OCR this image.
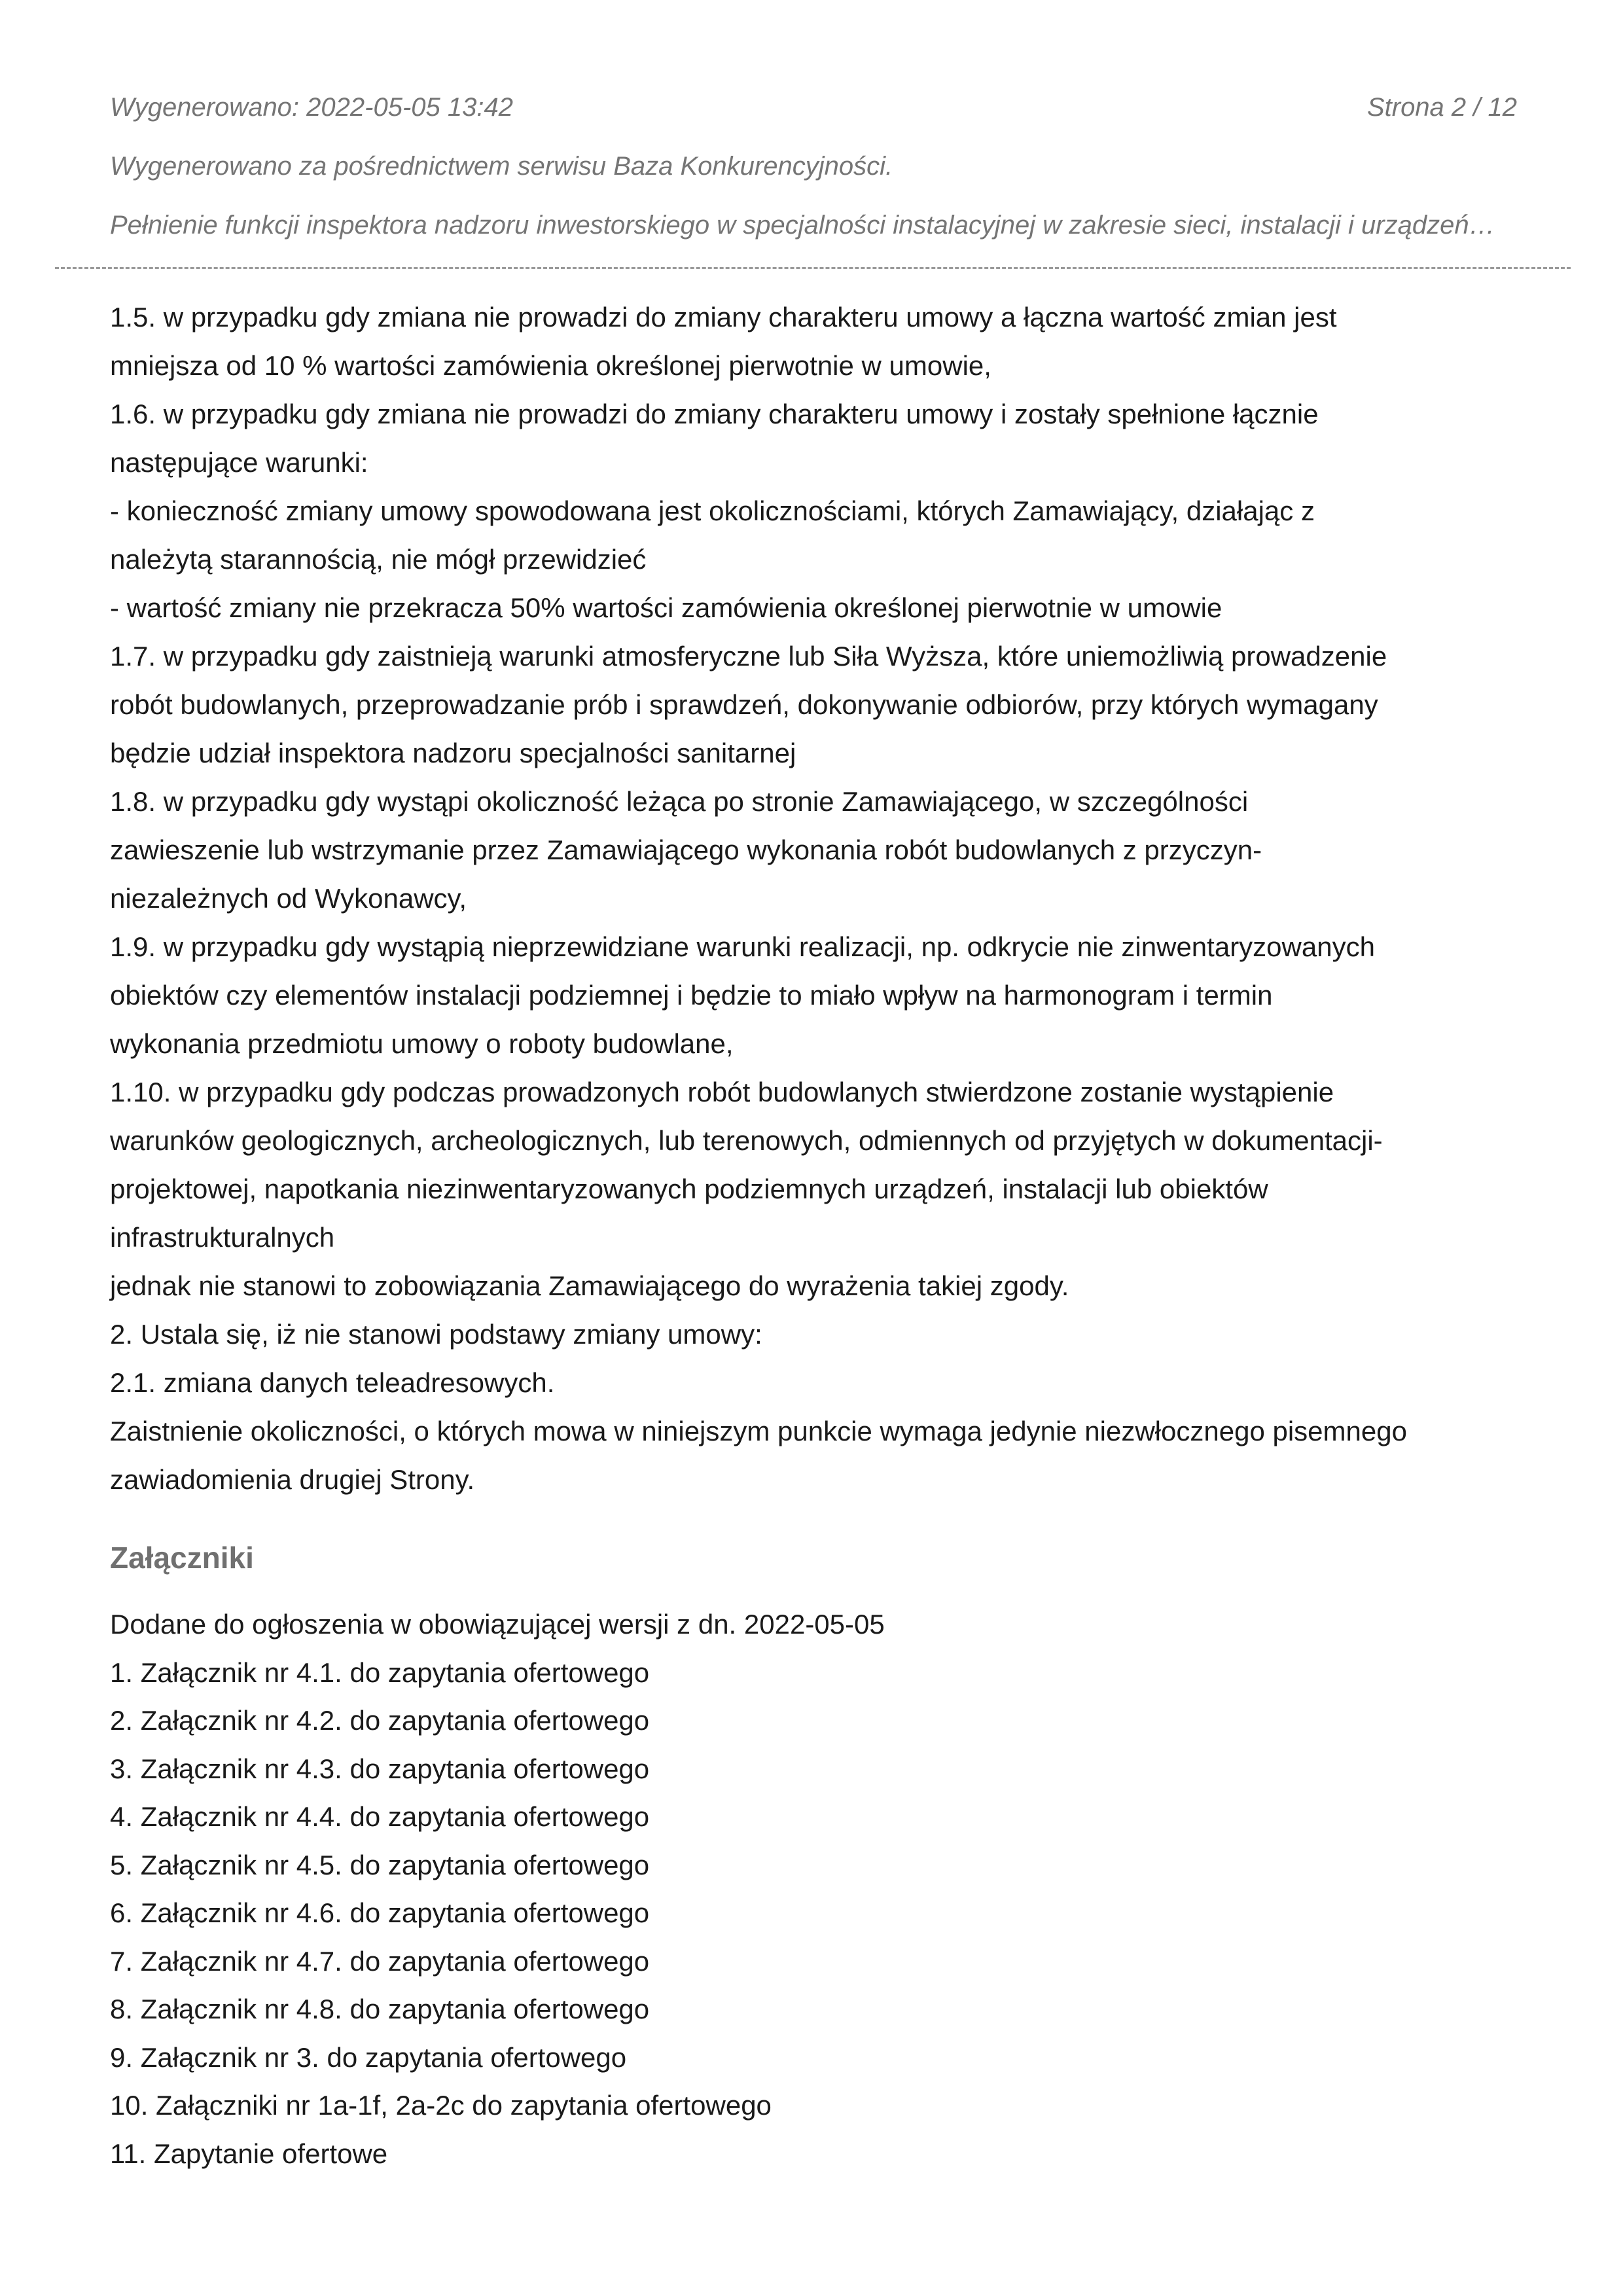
Wygenerowano: 2022-05-05 13:42	Strona 2 / 12
Wygenerowano za pośrednictwem serwisu Baza Konkurencyjności.
Pełnienie funkcji inspektora nadzoru inwestorskiego w specjalności instalacyjnej w zakresie sieci, instalacji i urządzeń…

1.5. w przypadku gdy zmiana nie prowadzi do zmiany charakteru umowy a łączna wartość zmian jest

mniejsza od 10 % wartości zamówienia określonej pierwotnie w umowie,

1.6. w przypadku gdy zmiana nie prowadzi do zmiany charakteru umowy i zostały spełnione łącznie

następujące warunki:

- konieczność zmiany umowy spowodowana jest okolicznościami, których Zamawiający, działając z

należytą starannością, nie mógł przewidzieć

- wartość zmiany nie przekracza 50% wartości zamówienia określonej pierwotnie w umowie

1.7. w przypadku gdy zaistnieją warunki atmosferyczne lub Siła Wyższa, które uniemożliwią prowadzenie

robót budowlanych, przeprowadzanie prób i sprawdzeń, dokonywanie odbiorów, przy których wymagany

będzie udział inspektora nadzoru specjalności sanitarnej

1.8. w przypadku gdy wystąpi okoliczność leżąca po stronie Zamawiającego, w szczególności

zawieszenie lub wstrzymanie przez Zamawiającego wykonania robót budowlanych z przyczyn-

niezależnych od Wykonawcy,

1.9. w przypadku gdy wystąpią nieprzewidziane warunki realizacji, np. odkrycie nie zinwentaryzowanych

obiektów czy elementów instalacji podziemnej i będzie to miało wpływ na harmonogram i termin

wykonania przedmiotu umowy o roboty budowlane,

1.10. w przypadku gdy podczas prowadzonych robót budowlanych stwierdzone zostanie wystąpienie

warunków geologicznych, archeologicznych, lub terenowych, odmiennych od przyjętych w dokumentacji-

projektowej, napotkania niezinwentaryzowanych podziemnych urządzeń, instalacji lub obiektów

infrastrukturalnych

jednak nie stanowi to zobowiązania Zamawiającego do wyrażenia takiej zgody.

2. Ustala się, iż nie stanowi podstawy zmiany umowy:

2.1. zmiana danych teleadresowych.

Zaistnienie okoliczności, o których mowa w niniejszym punkcie wymaga jedynie niezwłocznego pisemnego

zawiadomienia drugiej Strony.

Załączniki

Dodane do ogłoszenia w obowiązującej wersji z dn. 2022-05-05

1. Załącznik nr 4.1. do zapytania ofertowego

2. Załącznik nr 4.2. do zapytania ofertowego

3. Załącznik nr 4.3. do zapytania ofertowego

4. Załącznik nr 4.4. do zapytania ofertowego

5. Załącznik nr 4.5. do zapytania ofertowego

6. Załącznik nr 4.6. do zapytania ofertowego

7. Załącznik nr 4.7. do zapytania ofertowego

8. Załącznik nr 4.8. do zapytania ofertowego

9. Załącznik nr 3. do zapytania ofertowego

10. Załączniki nr 1a-1f, 2a-2c do zapytania ofertowego

11. Zapytanie ofertowe
